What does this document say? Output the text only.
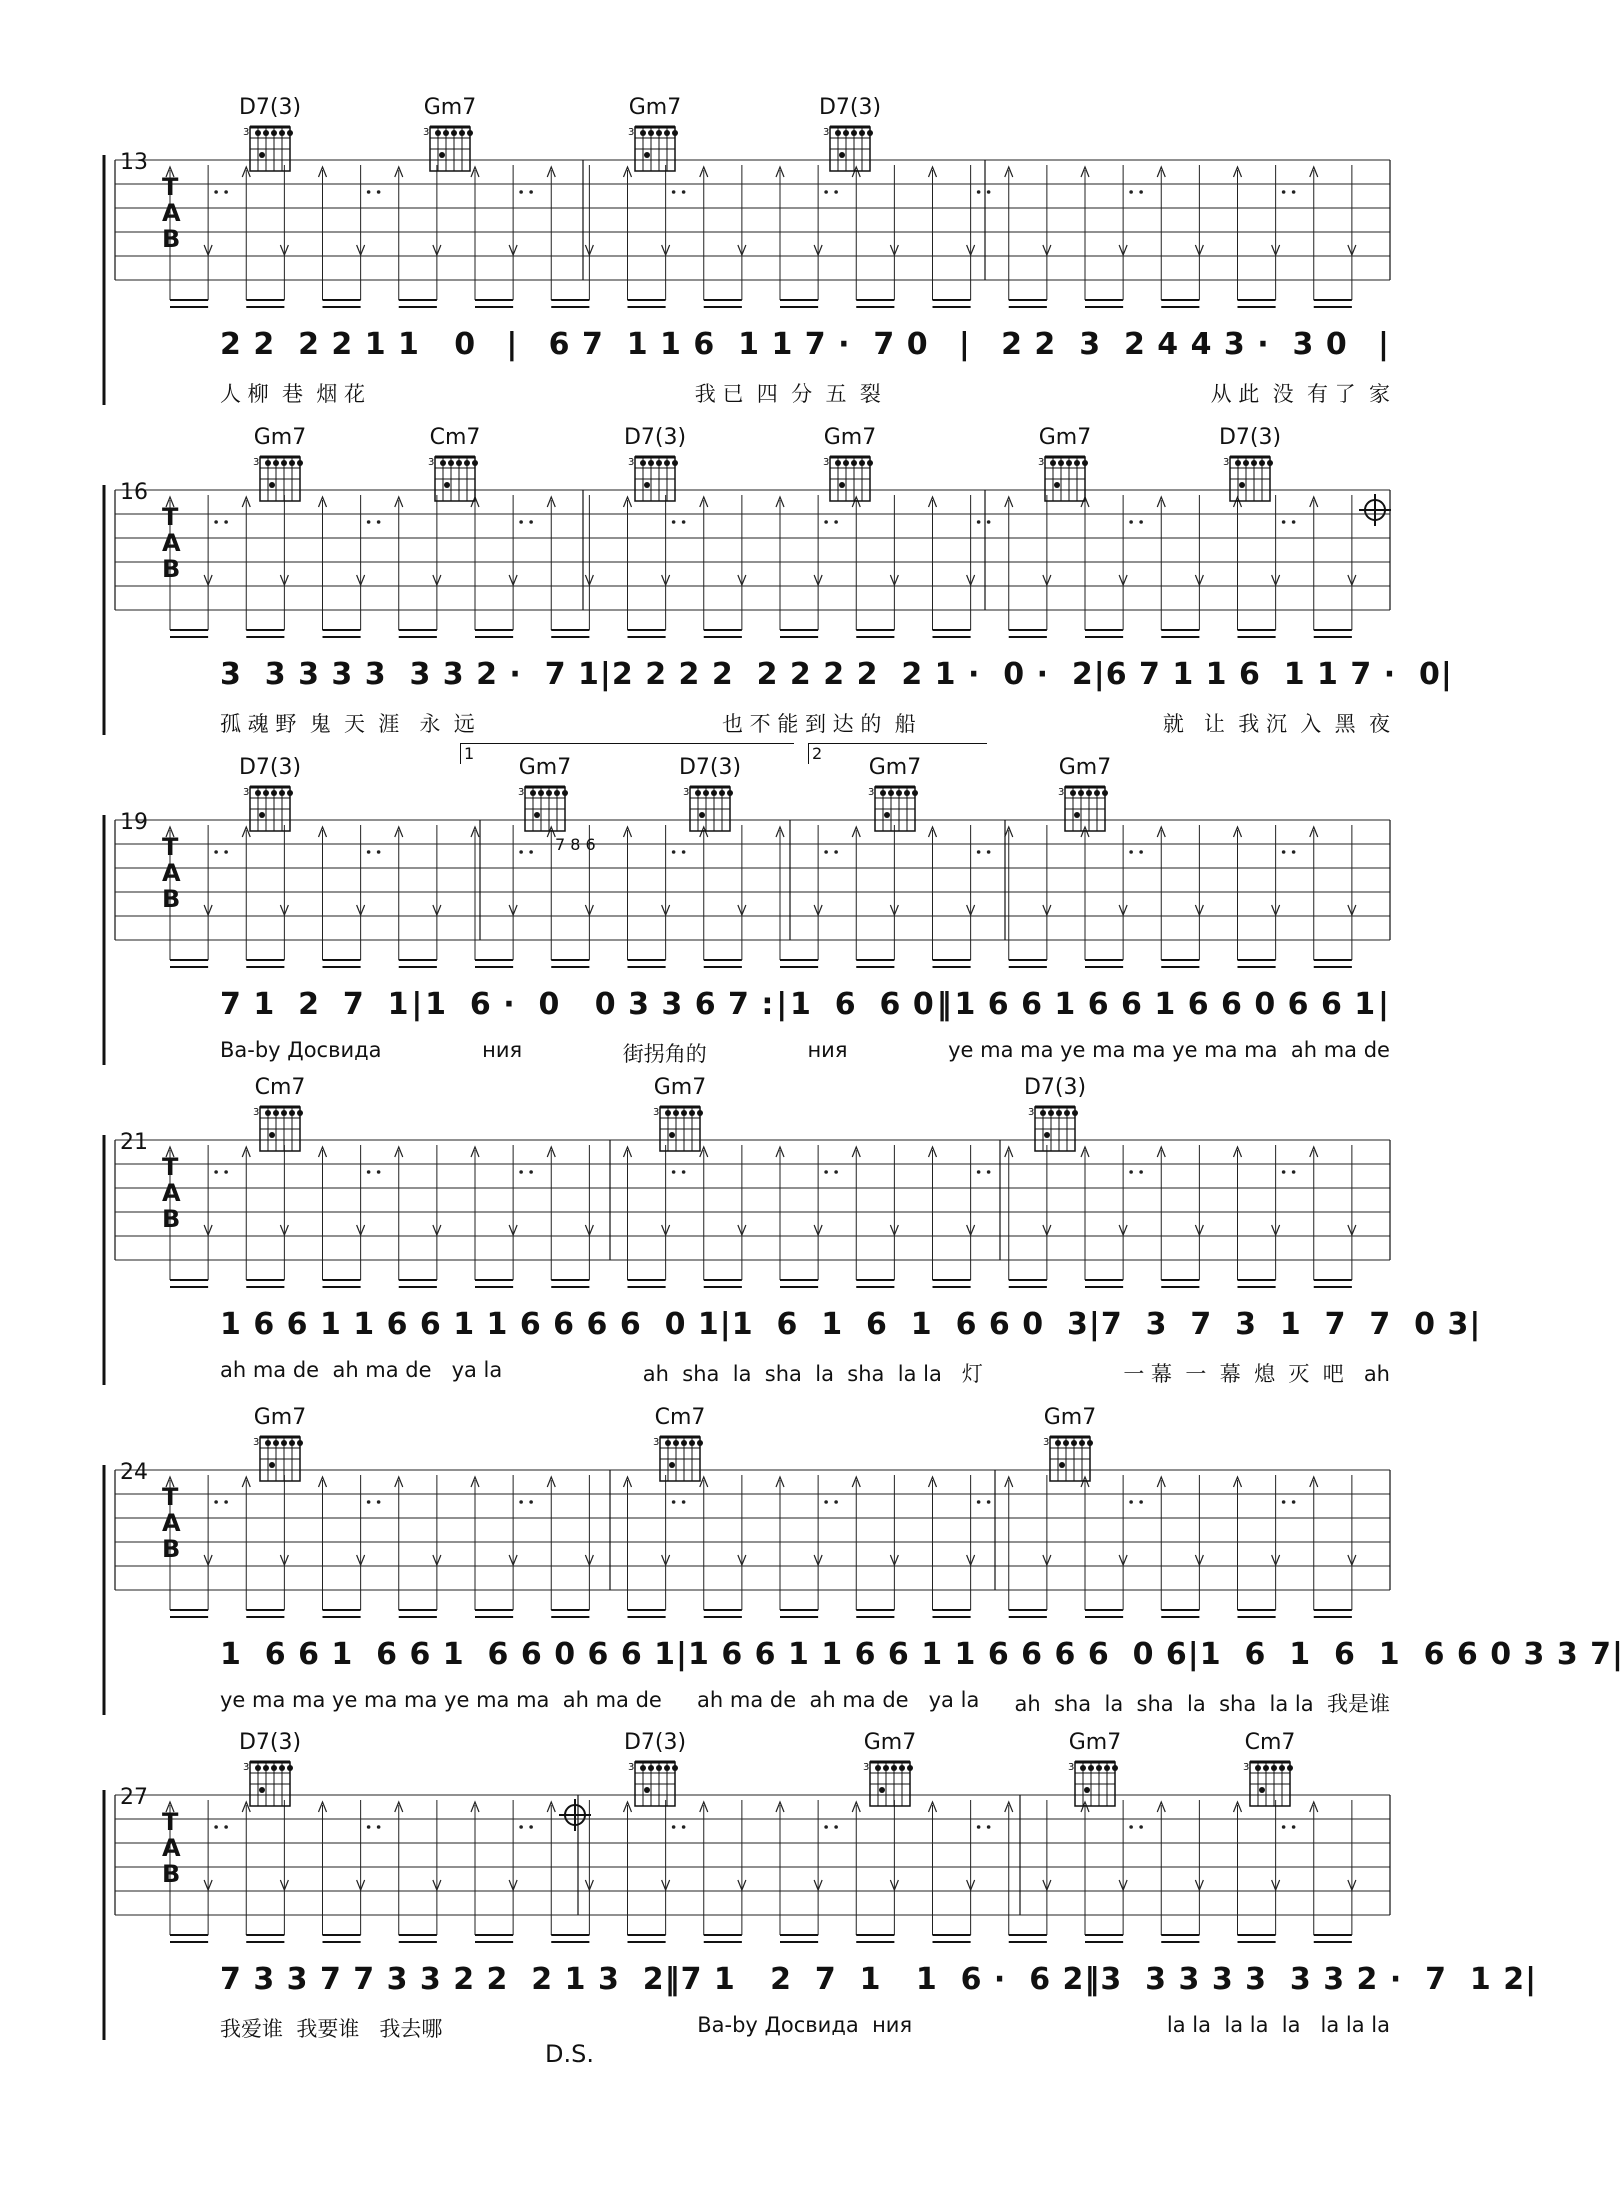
T
A
B
13
D7(3)
3
Gm7
3
Gm7
3
D7(3)
3
2 2  2 2 1 1   0 | 6 7  1 1 6  1 1 7 ·  7 0 | 2 2  3  2 4 4 3 ·  3 0 |
人 柳  巷  烟 花	我 已  四  分  五  裂	从 此  没  有 了  家
T
A
B
16
Gm7
3
Cm7
3
D7(3)
3
Gm7
3
Gm7
3
D7(3)
3
3  3 3 3 3  3 3 2 ·  7 1 | 2 2 2 2  2 2 2 2  2 1 ·  0 ·  2 | 6 7 1 1 6  1 1 7 ·  0 |
孤 魂 野  鬼  天  涯   永  远	也 不 能 到 达 的  船	就   让  我 沉  入  黑  夜
T
A
B
19
D7(3)
3
Gm7
3
D7(3)
3
Gm7
3
Gm7
3
1	2
7 8 6
7 1  2  7  1 | 1  6 ·  0   0 3 3 6 7 : | 1  6  6 0 ‖ 1 6 6 1 6 6 1 6 6 0 6 6 1 |
Ba-by Досвида	ния	街拐角的	ния	ye ma ma ye ma ma ye ma ma  ah ma de
T
A
B
21
Cm7
3
Gm7
3
D7(3)
3
1 6 6 1 1 6 6 1 1 6 6 6 6  0 1 | 1  6  1  6  1  6 6 0  3 | 7  3  7  3  1  7  7  0 3 |
ah ma de  ah ma de   ya la	ah  sha  la  sha  la  sha  la la   灯	一 幕  一  幕  熄  灭  吧   ah
T
A
B
24
Gm7
3
Cm7
3
Gm7
3
1  6 6 1  6 6 1  6 6 0 6 6 1 | 1 6 6 1 1 6 6 1 1 6 6 6 6  0 6 | 1  6  1  6  1  6 6 0 3 3 7 |
ye ma ma ye ma ma ye ma ma  ah ma de ah ma de  ah ma de   ya la ah  sha  la  sha  la  sha  la la  我是谁
T
A
B
27
D7(3)
3
D7(3)
3
Gm7
3
Gm7
3
Cm7
3
D.S.
7 3 3 7 7 3 3 2 2  2 1 3  2 ‖ 7 1   2  7  1   1  6 ·  6 2 ‖ 3  3 3 3 3  3 3 2 ·  7  1 2 |
我爱谁  我要谁   我去哪	Ba-by Досвида  ния	la la  la la  la   la la la
